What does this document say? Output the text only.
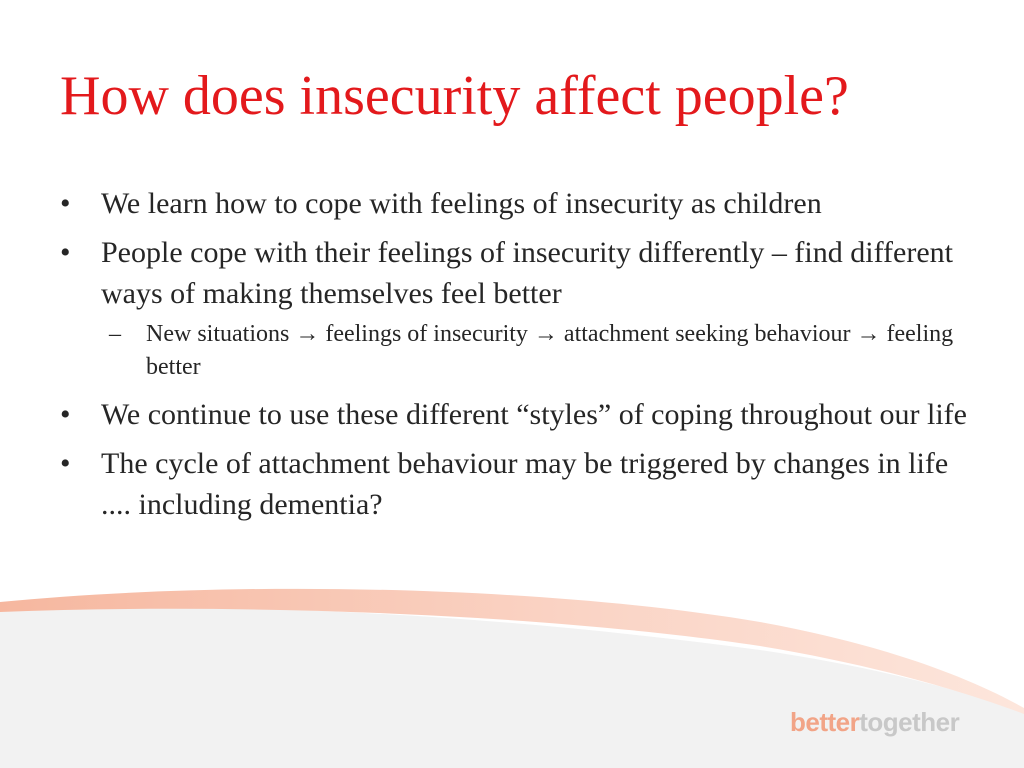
How does insecurity affect people?
• We learn how to cope with feelings of insecurity as children
• People cope with their feelings of insecurity differently – find different ways of making themselves feel better
– New situations → feelings of insecurity → attachment seeking behaviour → feeling better
• We continue to use these different “styles” of coping throughout our life
• The cycle of attachment behaviour may be triggered by changes in life .... including dementia?
bettertogether
